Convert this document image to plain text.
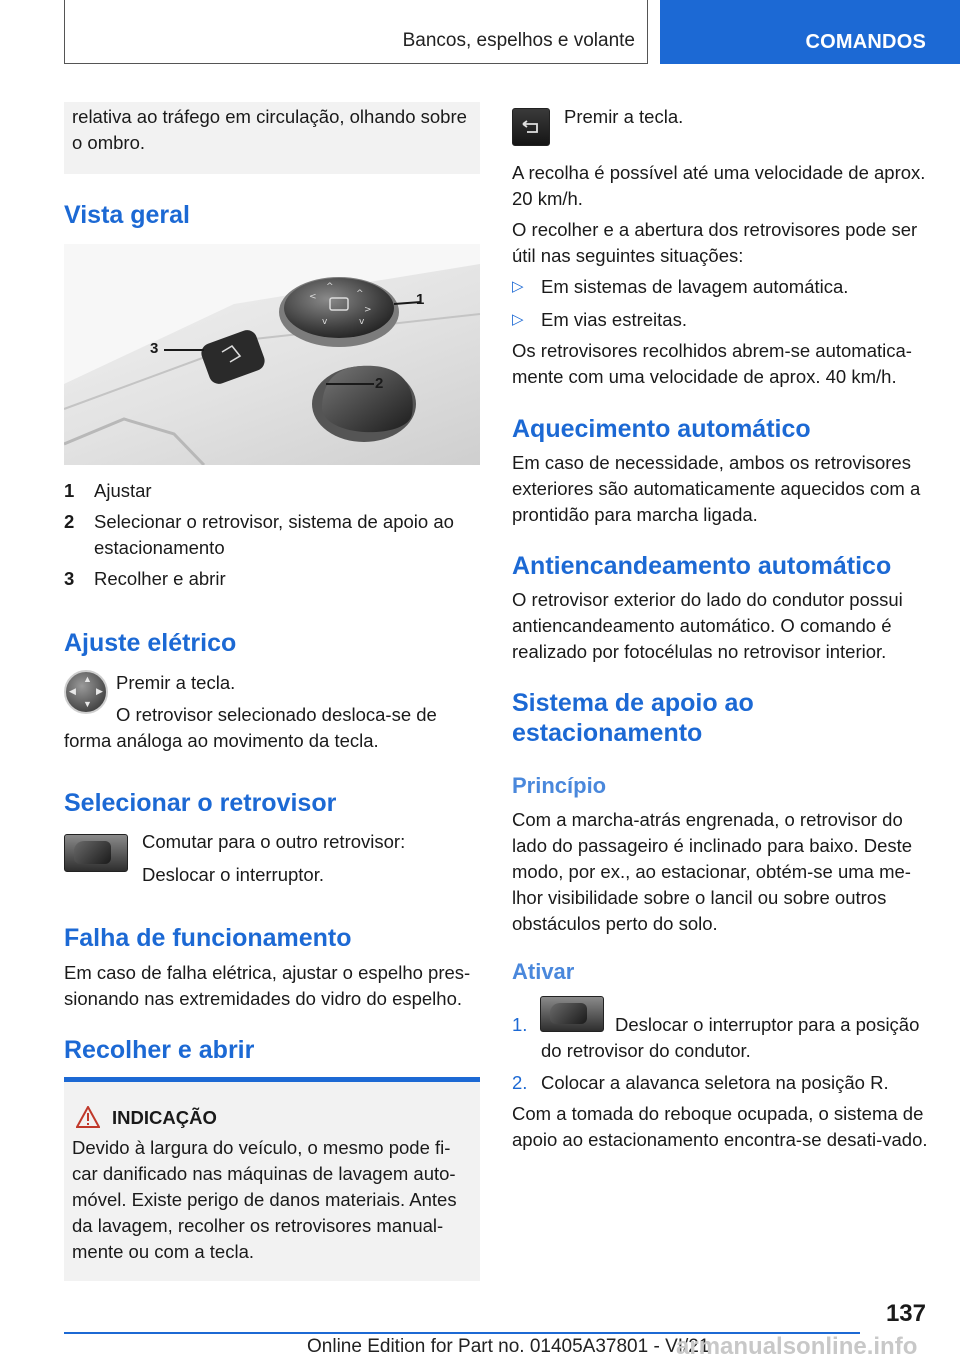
Bancos, espelhos e volante	COMANDOS

relativa ao tráfego em circulação, olhando sobre o ombro.

Vista geral
<
>
^
v
^
v
1
2
3
1 Ajustar
2 Selecionar o retrovisor, sistema de apoio ao estacionamento
3 Recolher e abrir
Ajuste elétrico
▲
▼
◀ ▶ Premir a tecla.

O retrovisor selecionado desloca-se de forma análoga ao movimento da tecla.

Selecionar o retrovisor

Comutar para o outro retrovisor:

Deslocar o interruptor.

Falha de funcionamento

Em caso de falha elétrica, ajustar o espelho pres-sionando nas extremidades do vidro do espelho.

Recolher e abrir
INDICAÇÃO

Devido à largura do veículo, o mesmo pode fi-car danificado nas máquinas de lavagem auto-móvel. Existe perigo de danos materiais. Antes da lavagem, recolher os retrovisores manual-mente ou com a tecla.

Premir a tecla.

A recolha é possível até uma velocidade de aprox. 20 km/h.

O recolher e a abertura dos retrovisores pode ser útil nas seguintes situações:

▷ Em sistemas de lavagem automática.
▷ Em vias estreitas.

Os retrovisores recolhidos abrem-se automatica-mente com uma velocidade de aprox. 40 km/h.

Aquecimento automático

Em caso de necessidade, ambos os retrovisores exteriores são automaticamente aquecidos com a prontidão para marcha ligada.

Antiencandeamento automático

O retrovisor exterior do lado do condutor possui antiencandeamento automático. O comando é realizado por fotocélulas no retrovisor interior.

Sistema de apoio ao estacionamento
Princípio

Com a marcha-atrás engrenada, o retrovisor do lado do passageiro é inclinado para baixo. Deste modo, por ex., ao estacionar, obtém-se uma me-lhor visibilidade sobre o lancil ou sobre outros obstáculos perto do solo.

Ativar
1.	Deslocar o interruptor para a posição do retrovisor do condutor.

2. Colocar a alavanca seletora na posição R.

Com a tomada do reboque ocupada, o sistema de apoio ao estacionamento encontra-se desati-vado.

137
Online Edition for Part no. 01405A37801 - VI/21
armanualsonline.info
